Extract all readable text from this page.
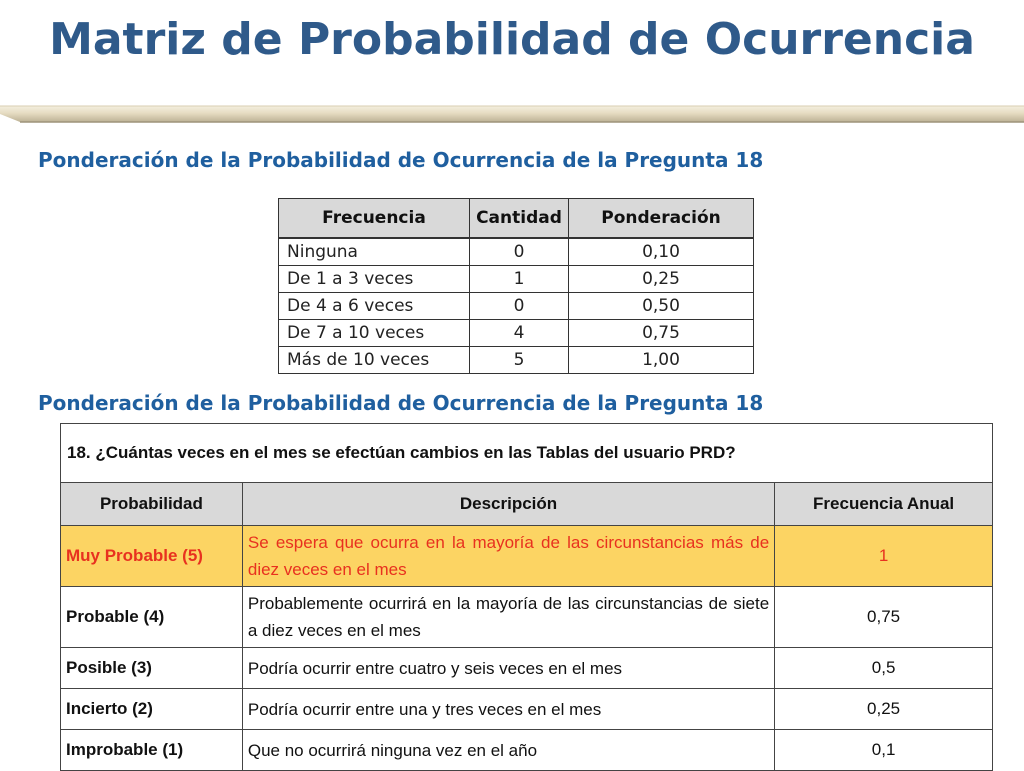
Matriz de Probabilidad de Ocurrencia
Ponderación de la Probabilidad de Ocurrencia de la Pregunta 18
Frecuencia	Cantidad	Ponderación
Ninguna	0	0,10
De 1 a 3 veces	1	0,25
De 4 a 6 veces	0	0,50
De 7 a 10 veces	4	0,75
Más de 10 veces	5	1,00
Ponderación de la Probabilidad de Ocurrencia de la Pregunta 18
18. ¿Cuántas veces en el mes se efectúan cambios en las Tablas del usuario PRD?		
Probabilidad	Descripción	Frecuencia Anual
Muy Probable (5)	Se espera que ocurra en la mayoría de las circunstancias más de diez veces en el mes	1
Probable (4)	Probablemente ocurrirá en la mayoría de las circunstancias de siete a diez veces en el mes	0,75
Posible (3)	Podría ocurrir entre cuatro y seis veces en el mes	0,5
Incierto (2)	Podría ocurrir entre una y tres veces en el mes	0,25
Improbable (1)	Que no ocurrirá ninguna vez en el año	0,1
